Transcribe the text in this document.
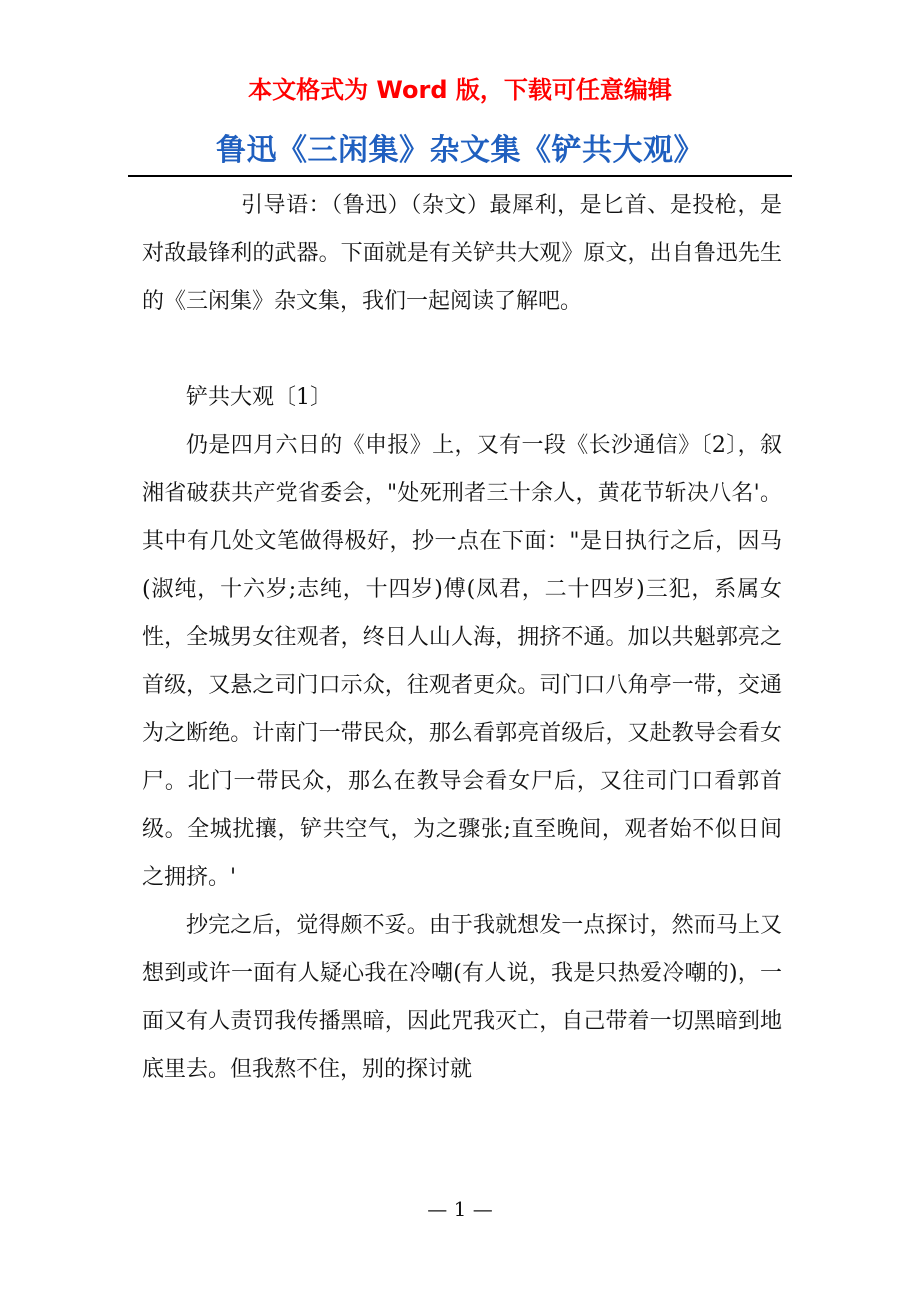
本文格式为 Word 版，下载可任意编辑
鲁迅《三闲集》杂文集《铲共大观》

引导语：（鲁迅）（杂文）最犀利，是匕首、是投枪，是对敌最锋利的武器。下面就是有关铲共大观》原文，出自鲁迅先生的《三闲集》杂文集，我们一起阅读了解吧。

铲共大观〔1〕

仍是四月六日的《申报》上，又有一段《长沙通信》〔2〕，叙湘省破获共产党省委会，"处死刑者三十余人，黄花节斩决八名'。其中有几处文笔做得极好，抄一点在下面："是日执行之后，因马(淑纯，十六岁;志纯，十四岁)傅(凤君，二十四岁)三犯，系属女性，全城男女往观者，终日人山人海，拥挤不通。加以共魁郭亮之首级，又悬之司门口示众，往观者更众。司门口八角亭一带，交通为之断绝。计南门一带民众，那么看郭亮首级后，又赴教导会看女尸。北门一带民众，那么在教导会看女尸后，又往司门口看郭首级。全城扰攘，铲共空气，为之骤张;直至晚间，观者始不似日间之拥挤。'

抄完之后，觉得颇不妥。由于我就想发一点探讨，然而马上又想到或许一面有人疑心我在冷嘲(有人说，我是只热爱冷嘲的)，一面又有人责罚我传播黑暗，因此咒我灭亡，自己带着一切黑暗到地底里去。但我熬不住，别的探讨就

— 1 —
